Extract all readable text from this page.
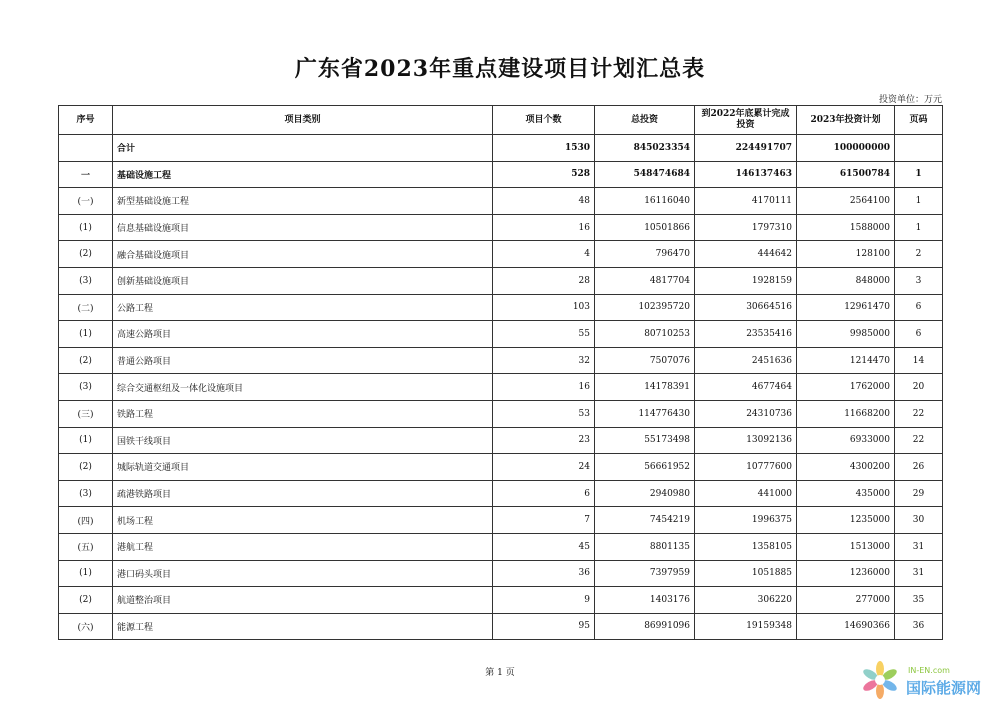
广东省2023年重点建设项目计划汇总表
投资单位：万元
序号	项目类别	项目个数	总投资	到2022年底累计完成投资	2023年投资计划	页码
	合计	1530	845023354	224491707	100000000	
一	基础设施工程	528	548474684	146137463	61500784	1
(一)	新型基础设施工程	48	16116040	4170111	2564100	1
(1)	信息基础设施项目	16	10501866	1797310	1588000	1
(2)	融合基础设施项目	4	796470	444642	128100	2
(3)	创新基础设施项目	28	4817704	1928159	848000	3
(二)	公路工程	103	102395720	30664516	12961470	6
(1)	高速公路项目	55	80710253	23535416	9985000	6
(2)	普通公路项目	32	7507076	2451636	1214470	14
(3)	综合交通枢纽及一体化设施项目	16	14178391	4677464	1762000	20
(三)	铁路工程	53	114776430	24310736	11668200	22
(1)	国铁干线项目	23	55173498	13092136	6933000	22
(2)	城际轨道交通项目	24	56661952	10777600	4300200	26
(3)	疏港铁路项目	6	2940980	441000	435000	29
(四)	机场工程	7	7454219	1996375	1235000	30
(五)	港航工程	45	8801135	1358105	1513000	31
(1)	港口码头项目	36	7397959	1051885	1236000	31
(2)	航道整治项目	9	1403176	306220	277000	35
(六)	能源工程	95	86991096	19159348	14690366	36
第 1 页	IN-EN.com
国际能源网
